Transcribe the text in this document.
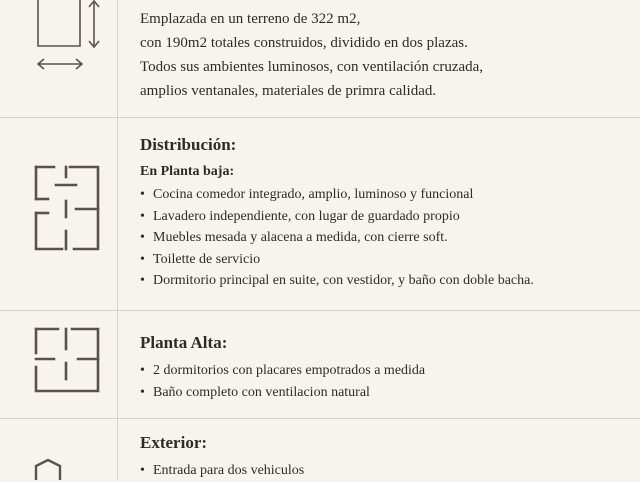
Emplazada en un terreno de 322 m2,

con 190m2 totales construidos, dividido en dos plazas.

Todos sus ambientes luminosos, con ventilación cruzada,

amplios ventanales, materiales de primra calidad.

Distribución:
En Planta baja:
• Cocina comedor integrado, amplio, luminoso y funcional
• Lavadero independiente, con lugar de guardado propio
• Muebles mesada y alacena a medida, con cierre soft.
• Toilette de servicio
• Dormitorio principal en suite, con vestidor, y baño con doble bacha.
Planta Alta:
• 2 dormitorios con placares empotrados a medida
• Baño completo con ventilacion natural
Exterior:
• Entrada para dos vehiculos
